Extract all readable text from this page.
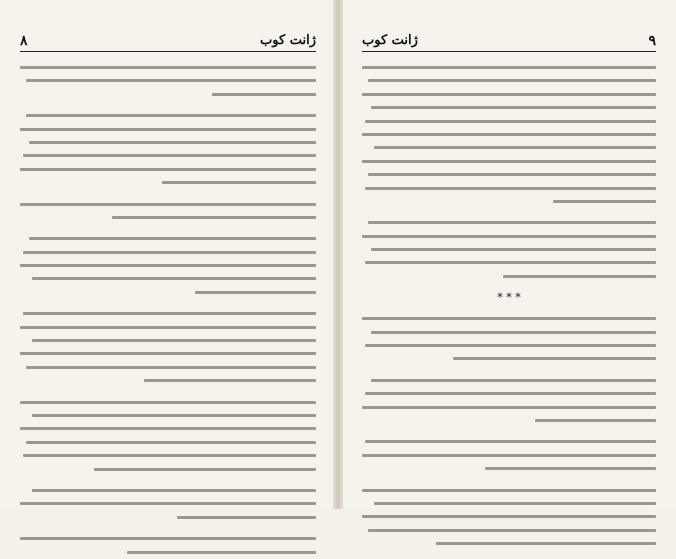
ژانت کوب
۸	۹
ژانت کوب
* * *
